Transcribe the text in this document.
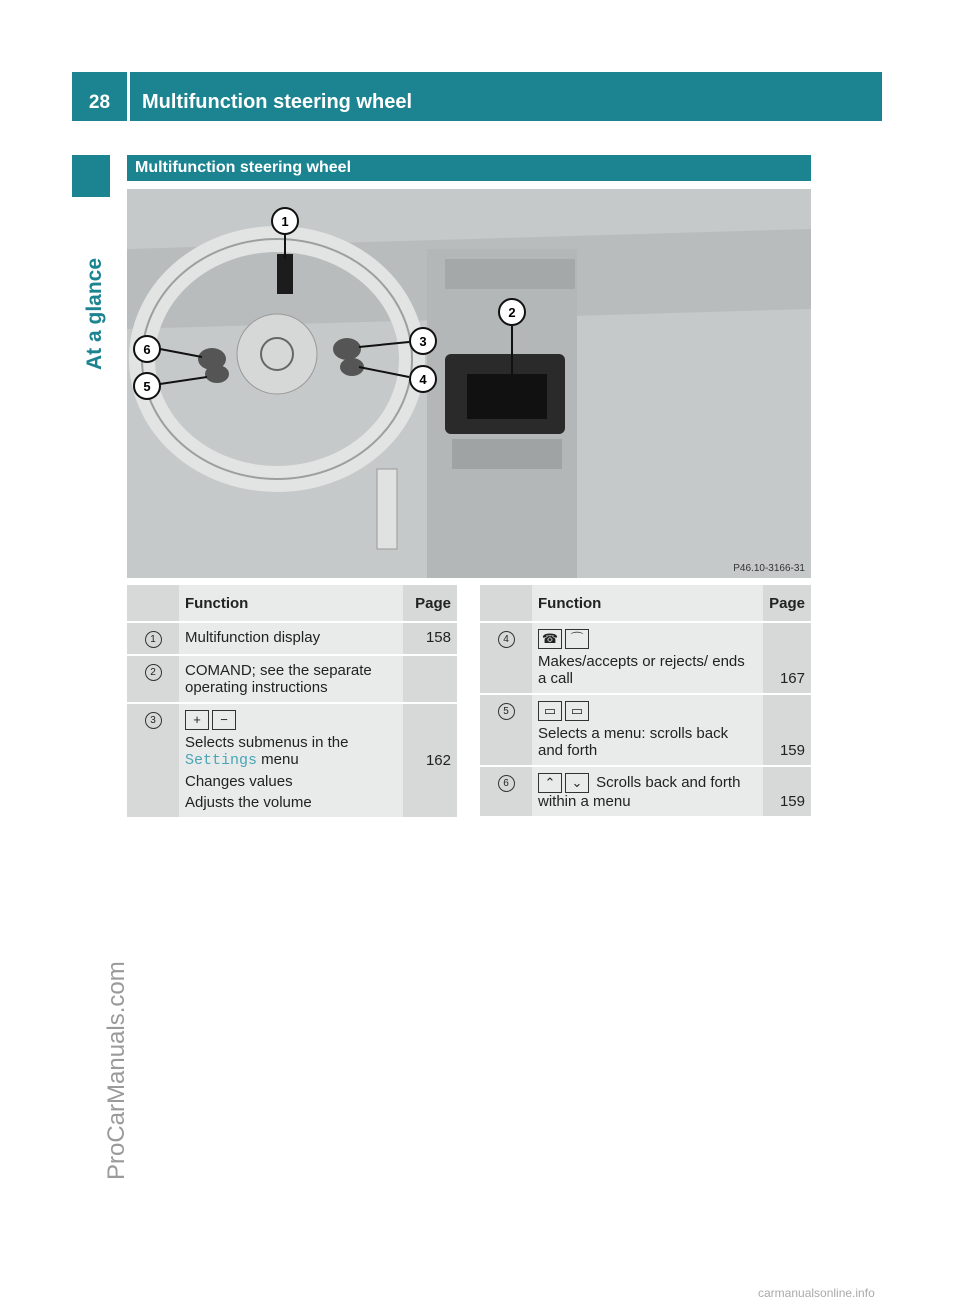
28	Multifunction steering wheel
At a glance
ProCarManuals.com
Multifunction steering wheel
1
2
3
4
5
6
P46.10-3166-31
	Function	Page
1	Multifunction display	158
2	COMAND; see the separate
operating instructions	
3	+ −

Selects submenus in the
Settings menu

Changes values

Adjusts the volume	162
	Function	Page
4	☎ ⌒

Makes/accepts or rejects/ ends a call	167
5	▭ ▭

Selects a menu: scrolls back and forth	159
6	⌃ ⌄ Scrolls back and forth within a menu	159
carmanualsonline.info
